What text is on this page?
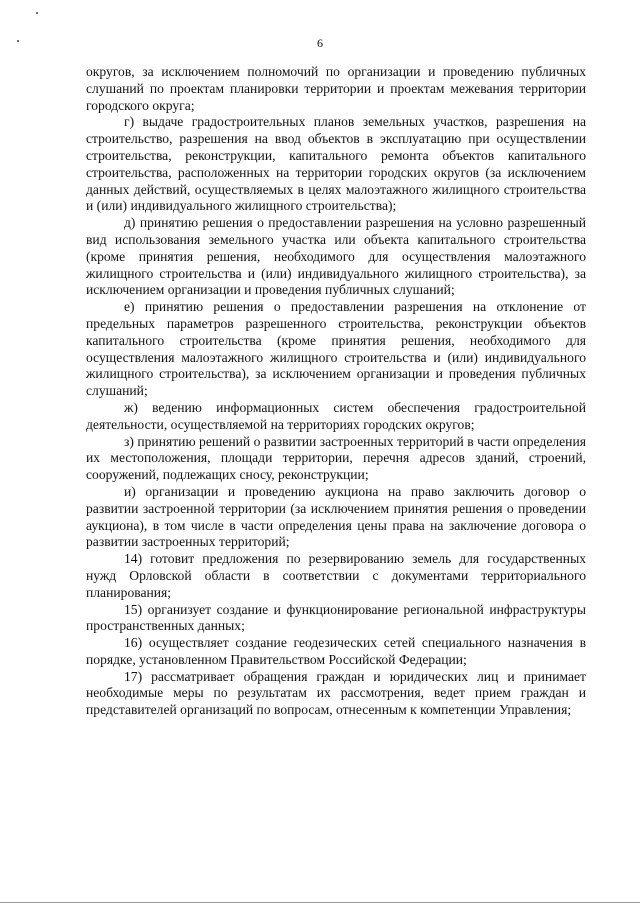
6

округов, за исключением полномочий по организации и проведению публичных слушаний по проектам планировки территории и проектам межевания территории городского округа;

г) выдаче градостроительных планов земельных участков, разрешения на строительство, разрешения на ввод объектов в эксплуатацию при осуществлении строительства, реконструкции, капитального ремонта объектов капитального строительства, расположенных на территории городских округов (за исключением данных действий, осуществляемых в целях малоэтажного жилищного строительства и (или) индивидуального жилищного строительства);

д) принятию решения о предоставлении разрешения на условно разрешенный вид использования земельного участка или объекта капитального строительства (кроме принятия решения, необходимого для осуществления малоэтажного жилищного строительства и (или) индивидуального жилищного строительства), за исключением организации и проведения публичных слушаний;

е) принятию решения о предоставлении разрешения на отклонение от предельных параметров разрешенного строительства, реконструкции объектов капитального строительства (кроме принятия решения, необходимого для осуществления малоэтажного жилищного строительства и (или) индивидуального жилищного строительства), за исключением организации и проведения публичных слушаний;

ж) ведению информационных систем обеспечения градостроительной деятельности, осуществляемой на территориях городских округов;

з) принятию решений о развитии застроенных территорий в части определения их местоположения, площади территории, перечня адресов зданий, строений, сооружений, подлежащих сносу, реконструкции;

и) организации и проведению аукциона на право заключить договор о развитии застроенной территории (за исключением принятия решения о проведении аукциона), в том числе в части определения цены права на заключение договора о развитии застроенных территорий;

14) готовит предложения по резервированию земель для государственных нужд Орловской области в соответствии с документами территориального планирования;

15) организует создание и функционирование региональной инфраструктуры пространственных данных;

16) осуществляет создание геодезических сетей специального назначения в порядке, установленном Правительством Российской Федерации;

17) рассматривает обращения граждан и юридических лиц и принимает необходимые меры по результатам их рассмотрения, ведет прием граждан и представителей организаций по вопросам, отнесенным к компетенции Управления;
